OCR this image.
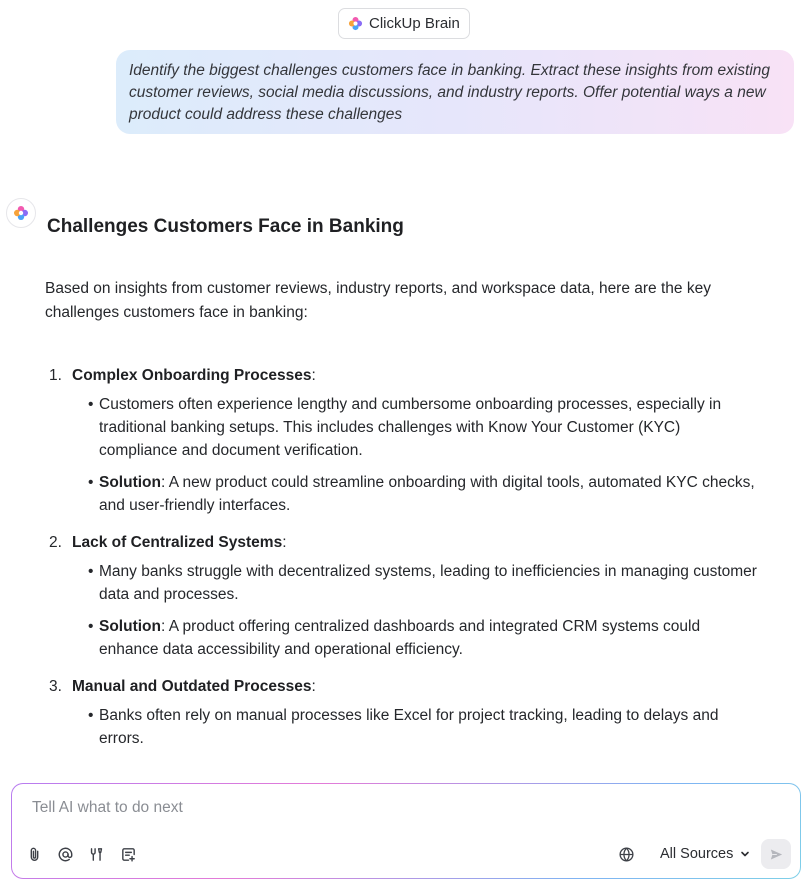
ClickUp Brain
Identify the biggest challenges customers face in banking. Extract these insights from existing customer reviews, social media discussions, and industry reports. Offer potential ways a new product could address these challenges
Challenges Customers Face in Banking
Based on insights from customer reviews, industry reports, and workspace data, here are the key challenges customers face in banking:
1. Complex Onboarding Processes:
• Customers often experience lengthy and cumbersome onboarding processes, especially in traditional banking setups. This includes challenges with Know Your Customer (KYC) compliance and document verification.
• Solution: A new product could streamline onboarding with digital tools, automated KYC checks, and user-friendly interfaces.
2. Lack of Centralized Systems:
• Many banks struggle with decentralized systems, leading to inefficiencies in managing customer data and processes.
• Solution: A product offering centralized dashboards and integrated CRM systems could enhance data accessibility and operational efficiency.
3. Manual and Outdated Processes:
• Banks often rely on manual processes like Excel for project tracking, leading to delays and errors.
Tell AI what to do next
All Sources
